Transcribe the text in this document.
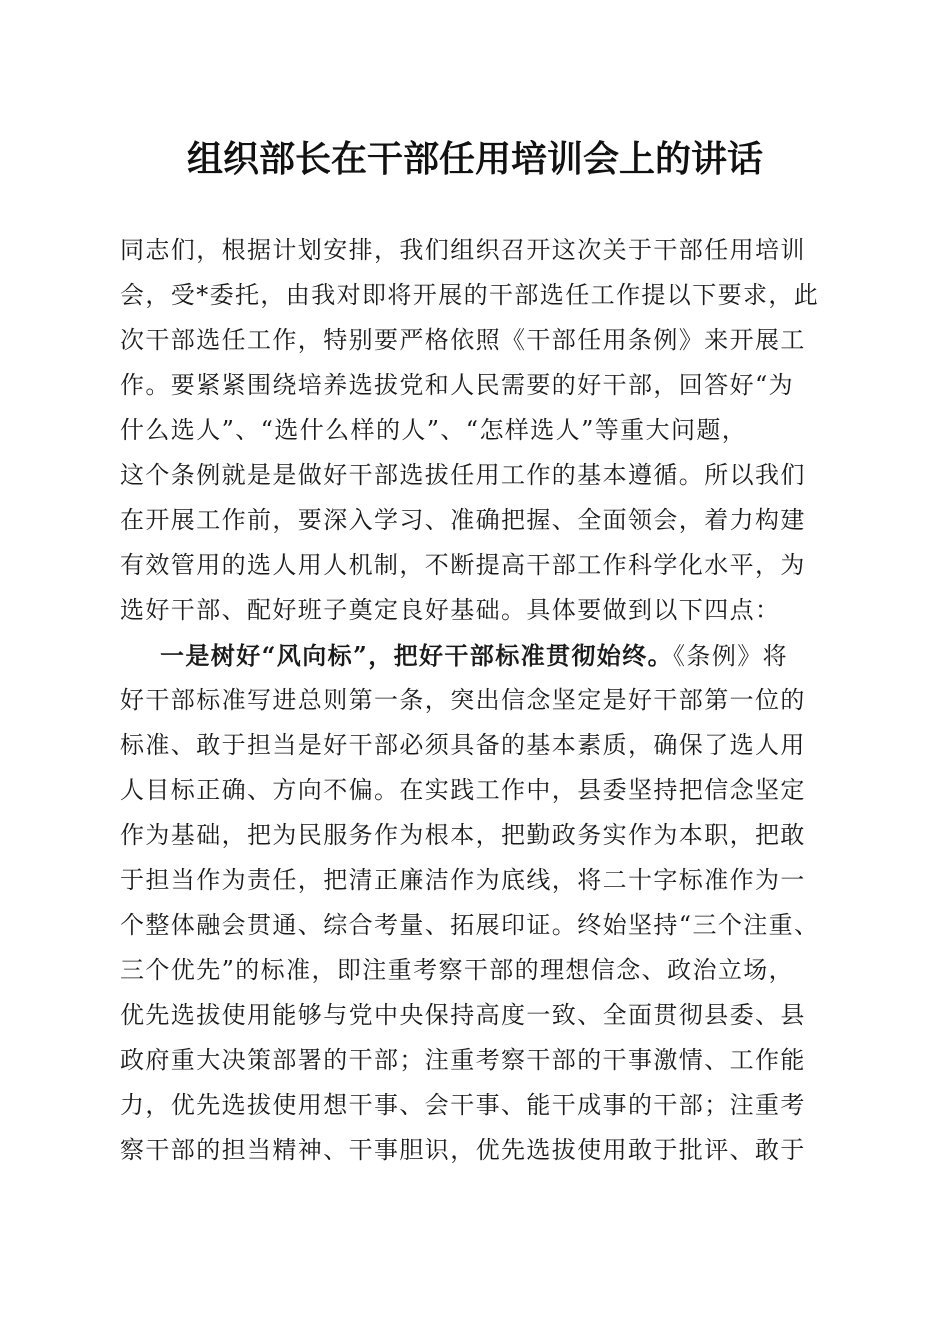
组织部长在干部任用培训会上的讲话
同志们，根据计划安排，我们组织召开这次关于干部任用培训
会，受*委托，由我对即将开展的干部选任工作提以下要求，此
次干部选任工作，特别要严格依照《干部任用条例》来开展工
作。要紧紧围绕培养选拔党和人民需要的好干部，回答好“为
什么选人”、“选什么样的人”、“怎样选人”等重大问题，
这个条例就是是做好干部选拔任用工作的基本遵循。所以我们
在开展工作前，要深入学习、准确把握、全面领会，着力构建
有效管用的选人用人机制，不断提高干部工作科学化水平，为
选好干部、配好班子奠定良好基础。具体要做到以下四点：
一是树好“风向标”，把好干部标准贯彻始终。《条例》将
好干部标准写进总则第一条，突出信念坚定是好干部第一位的
标准、敢于担当是好干部必须具备的基本素质，确保了选人用
人目标正确、方向不偏。在实践工作中，县委坚持把信念坚定
作为基础，把为民服务作为根本，把勤政务实作为本职，把敢
于担当作为责任，把清正廉洁作为底线，将二十字标准作为一
个整体融会贯通、综合考量、拓展印证。终始坚持“三个注重、
三个优先”的标准，即注重考察干部的理想信念、政治立场，
优先选拔使用能够与党中央保持高度一致、全面贯彻县委、县
政府重大决策部署的干部；注重考察干部的干事激情、工作能
力，优先选拔使用想干事、会干事、能干成事的干部；注重考
察干部的担当精神、干事胆识，优先选拔使用敢于批评、敢于
